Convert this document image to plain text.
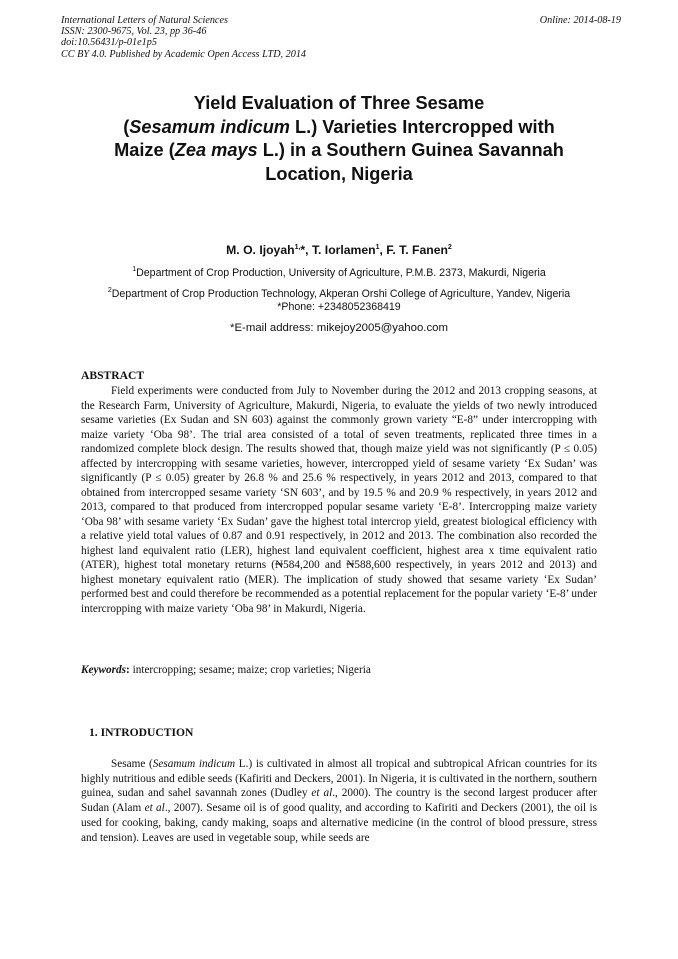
International Letters of Natural Sciences
ISSN: 2300-9675, Vol. 23, pp 36-46
doi:10.56431/p-01e1p5
CC BY 4.0. Published by Academic Open Access LTD, 2014
Online: 2014-08-19
Yield Evaluation of Three Sesame
(Sesamum indicum L.) Varieties Intercropped with
Maize (Zea mays L.) in a Southern Guinea Savannah
Location, Nigeria
M. O. Ijoyah$^{1,}$*, T. Iorlamen$^1$, F. T. Fanen$^2$
$^1$Department of Crop Production, University of Agriculture, P.M.B. 2373, Makurdi, Nigeria
$^2$Department of Crop Production Technology, Akperan Orshi College of Agriculture, Yandev, Nigeria
*Phone: +2348052368419
*E-mail address: mikejoy2005@yahoo.com
ABSTRACT
Field experiments were conducted from July to November during the 2012 and 2013 cropping seasons, at the Research Farm, University of Agriculture, Makurdi, Nigeria, to evaluate the yields of two newly introduced sesame varieties (Ex Sudan and SN 603) against the commonly grown variety “E-8” under intercropping with maize variety ‘Oba 98’. The trial area consisted of a total of seven treatments, replicated three times in a randomized complete block design. The results showed that, though maize yield was not significantly (P ≤ 0.05) affected by intercropping with sesame varieties, however, intercropped yield of sesame variety ‘Ex Sudan’ was significantly (P ≤ 0.05) greater by 26.8 % and 25.6 % respectively, in years 2012 and 2013, compared to that obtained from intercropped sesame variety ‘SN 603’, and by 19.5 % and 20.9 % respectively, in years 2012 and 2013, compared to that produced from intercropped popular sesame variety ‘E-8’. Intercropping maize variety ‘Oba 98’ with sesame variety ‘Ex Sudan’ gave the highest total intercrop yield, greatest biological efficiency with a relative yield total values of 0.87 and 0.91 respectively, in 2012 and 2013. The combination also recorded the highest land equivalent ratio (LER), highest land equivalent coefficient, highest area x time equivalent ratio (ATER), highest total monetary returns (₦584,200 and ₦588,600 respectively, in years 2012 and 2013) and highest monetary equivalent ratio (MER). The implication of study showed that sesame variety ‘Ex Sudan’ performed best and could therefore be recommended as a potential replacement for the popular variety ‘E-8’ under intercropping with maize variety ‘Oba 98’ in Makurdi, Nigeria.
Keywords: intercropping; sesame; maize; crop varieties; Nigeria
1. INTRODUCTION
Sesame (Sesamum indicum L.) is cultivated in almost all tropical and subtropical African countries for its highly nutritious and edible seeds (Kafiriti and Deckers, 2001). In Nigeria, it is cultivated in the northern, southern guinea, sudan and sahel savannah zones (Dudley et al., 2000). The country is the second largest producer after Sudan (Alam et al., 2007). Sesame oil is of good quality, and according to Kafiriti and Deckers (2001), the oil is used for cooking, baking, candy making, soaps and alternative medicine (in the control of blood pressure, stress and tension). Leaves are used in vegetable soup, while seeds are
